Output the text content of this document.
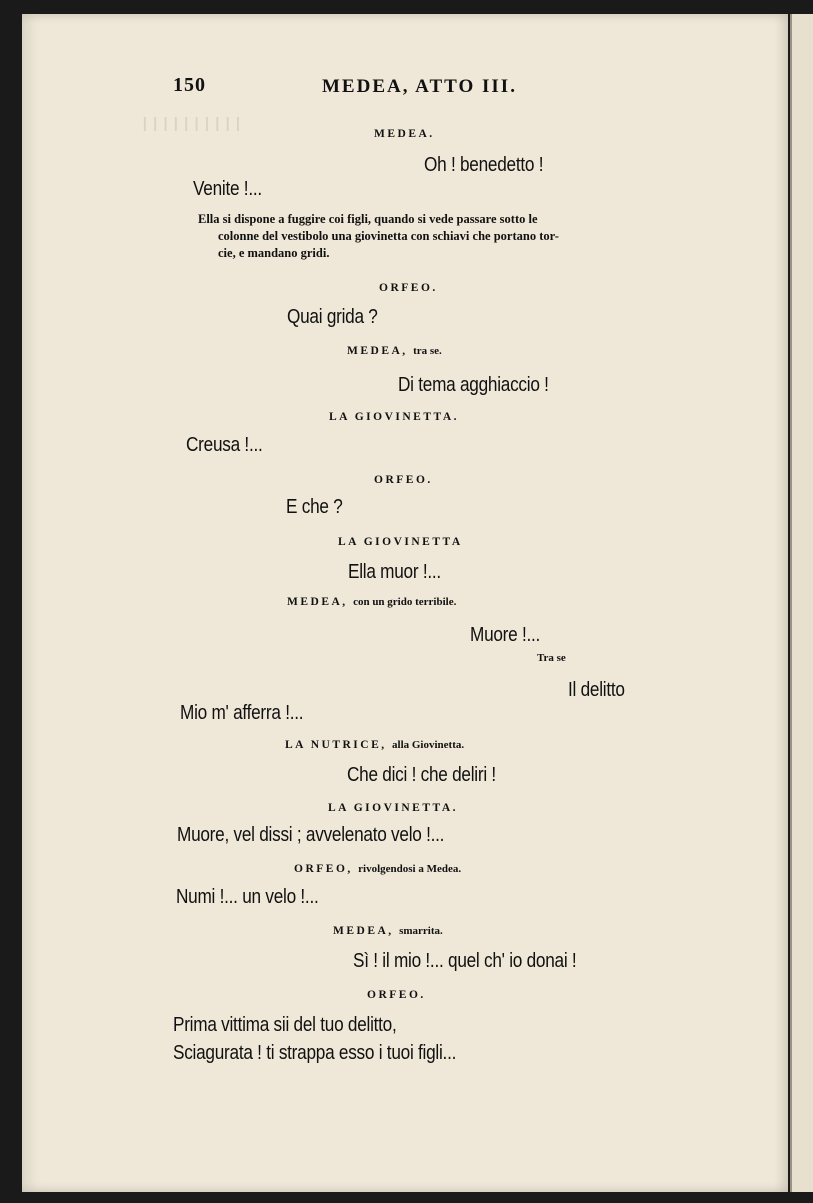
ⵏ ⵏ ⵏ ⵏ ⵏ ⵏ ⵏ ⵏ ⵏ ⵏ
150	MEDEA, ATTO III.
MEDEA.
Oh ! benedetto !
Venite !...
Ella si dispone a fuggire coi figli, quando si vede passare sotto le
colonne del vestibolo una giovinetta con schiavi che portano tor-
cie, e mandano gridi.
ORFEO.
Quai grida ?
MEDEA, tra se.
Di tema agghiaccio !
LA GIOVINETTA.
Creusa !...
ORFEO.
E che ?
LA GIOVINETTA
Ella muor !...
MEDEA, con un grido terribile.
Muore !...
Tra se
Il delitto
Mio m' afferra !...
LA NUTRICE, alla Giovinetta.
Che dici ! che deliri !
LA GIOVINETTA.
Muore, vel dissi ; avvelenato velo !...
ORFEO, rivolgendosi a Medea.
Numi !... un velo !...
MEDEA, smarrita.
Sì ! il mio !... quel ch' io donai !
ORFEO.
Prima vittima sii del tuo delitto,
Sciagurata ! ti strappa esso i tuoi figli...
